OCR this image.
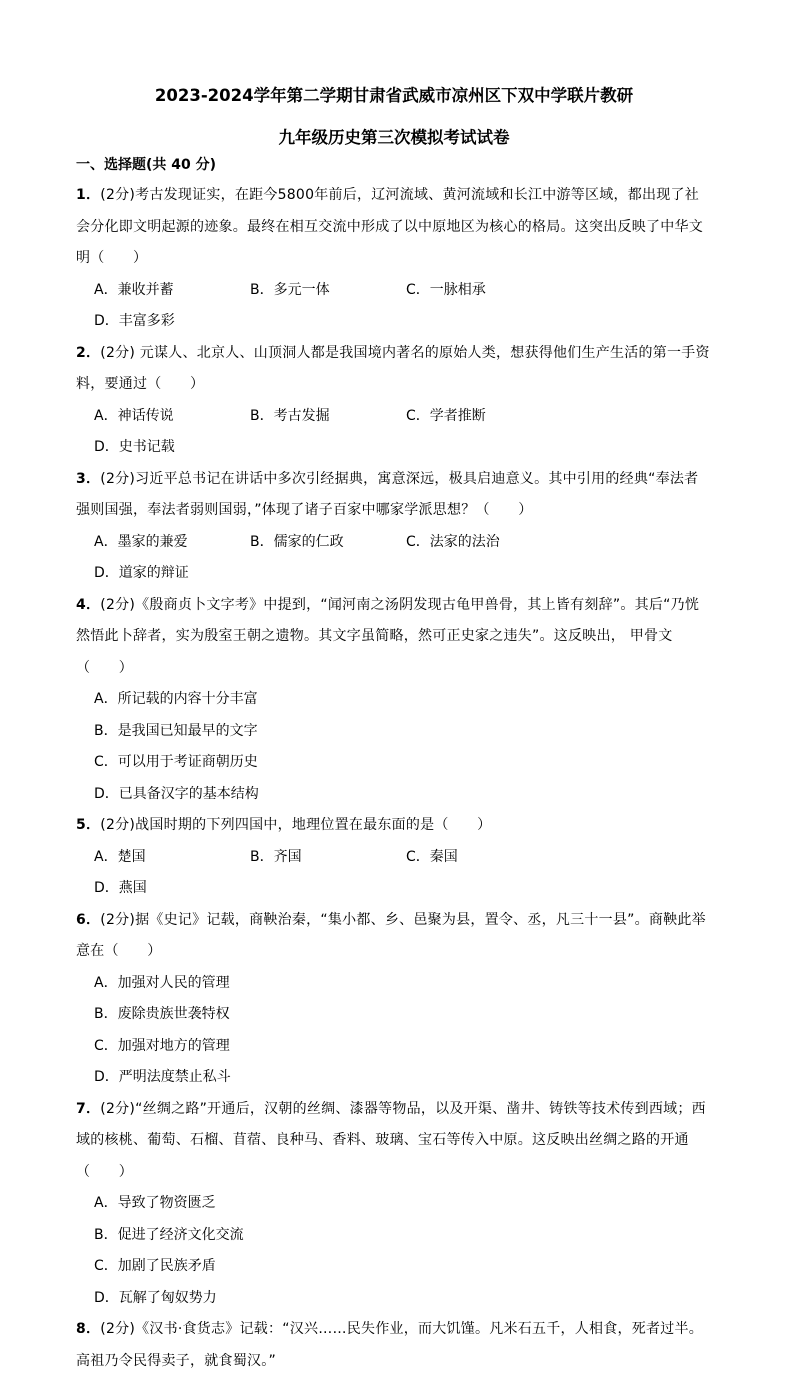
2023-2024学年第二学期甘肃省武威市凉州区下双中学联片教研
九年级历史第三次模拟考试试卷
一、选择题(共 40 分)

1．(2分)考古发现证实，在距今5800年前后，辽河流域、黄河流域和长江中游等区域，都出现了社会分化即文明起源的迹象。最终在相互交流中形成了以中原地区为核心的格局。这突出反映了中华文明（　　）

A．兼收并蓄	B．多元一体	C．一脉相承
D．丰富多彩

2．(2分) 元谋人、北京人、山顶洞人都是我国境内著名的原始人类，想获得他们生产生活的第一手资料，要通过（　　）

A．神话传说	B．考古发掘	C．学者推断
D．史书记载

3．(2分)习近平总书记在讲话中多次引经据典，寓意深远，极具启迪意义。其中引用的经典“奉法者强则国强，奉法者弱则国弱，”体现了诸子百家中哪家学派思想？（　　）

A．墨家的兼爱	B．儒家的仁政	C．法家的法治
D．道家的辩证

4．(2分)《殷商贞卜文字考》中提到，“闻河南之汤阴发现古龟甲兽骨，其上皆有刻辞”。其后“乃恍然悟此卜辞者，实为殷室王朝之遗物。其文字虽简略，然可正史家之违失”。这反映出， 甲骨文（　　）

A．所记载的内容十分丰富
B．是我国已知最早的文字
C．可以用于考证商朝历史
D．已具备汉字的基本结构

5．(2分)战国时期的下列四国中，地理位置在最东面的是（　　）

A．楚国	B．齐国	C．秦国
D．燕国

6．(2分)据《史记》记载，商鞅治秦，“集小都、乡、邑聚为县，置令、丞，凡三十一县”。商鞅此举意在（　　）

A．加强对人民的管理
B．废除贵族世袭特权
C．加强对地方的管理
D．严明法度禁止私斗

7．(2分)“丝绸之路”开通后，汉朝的丝绸、漆器等物品，以及开渠、凿井、铸铁等技术传到西域；西域的核桃、葡萄、石榴、苜蓿、良种马、香料、玻璃、宝石等传入中原。这反映出丝绸之路的开通（　　）

A．导致了物资匮乏
B．促进了经济文化交流
C．加剧了民族矛盾
D．瓦解了匈奴势力

8．(2分)《汉书·食货志》记载：“汉兴……民失作业，而大饥馑。凡米石五千，人相食，死者过半。高祖乃令民得卖子，就食蜀汉。”
